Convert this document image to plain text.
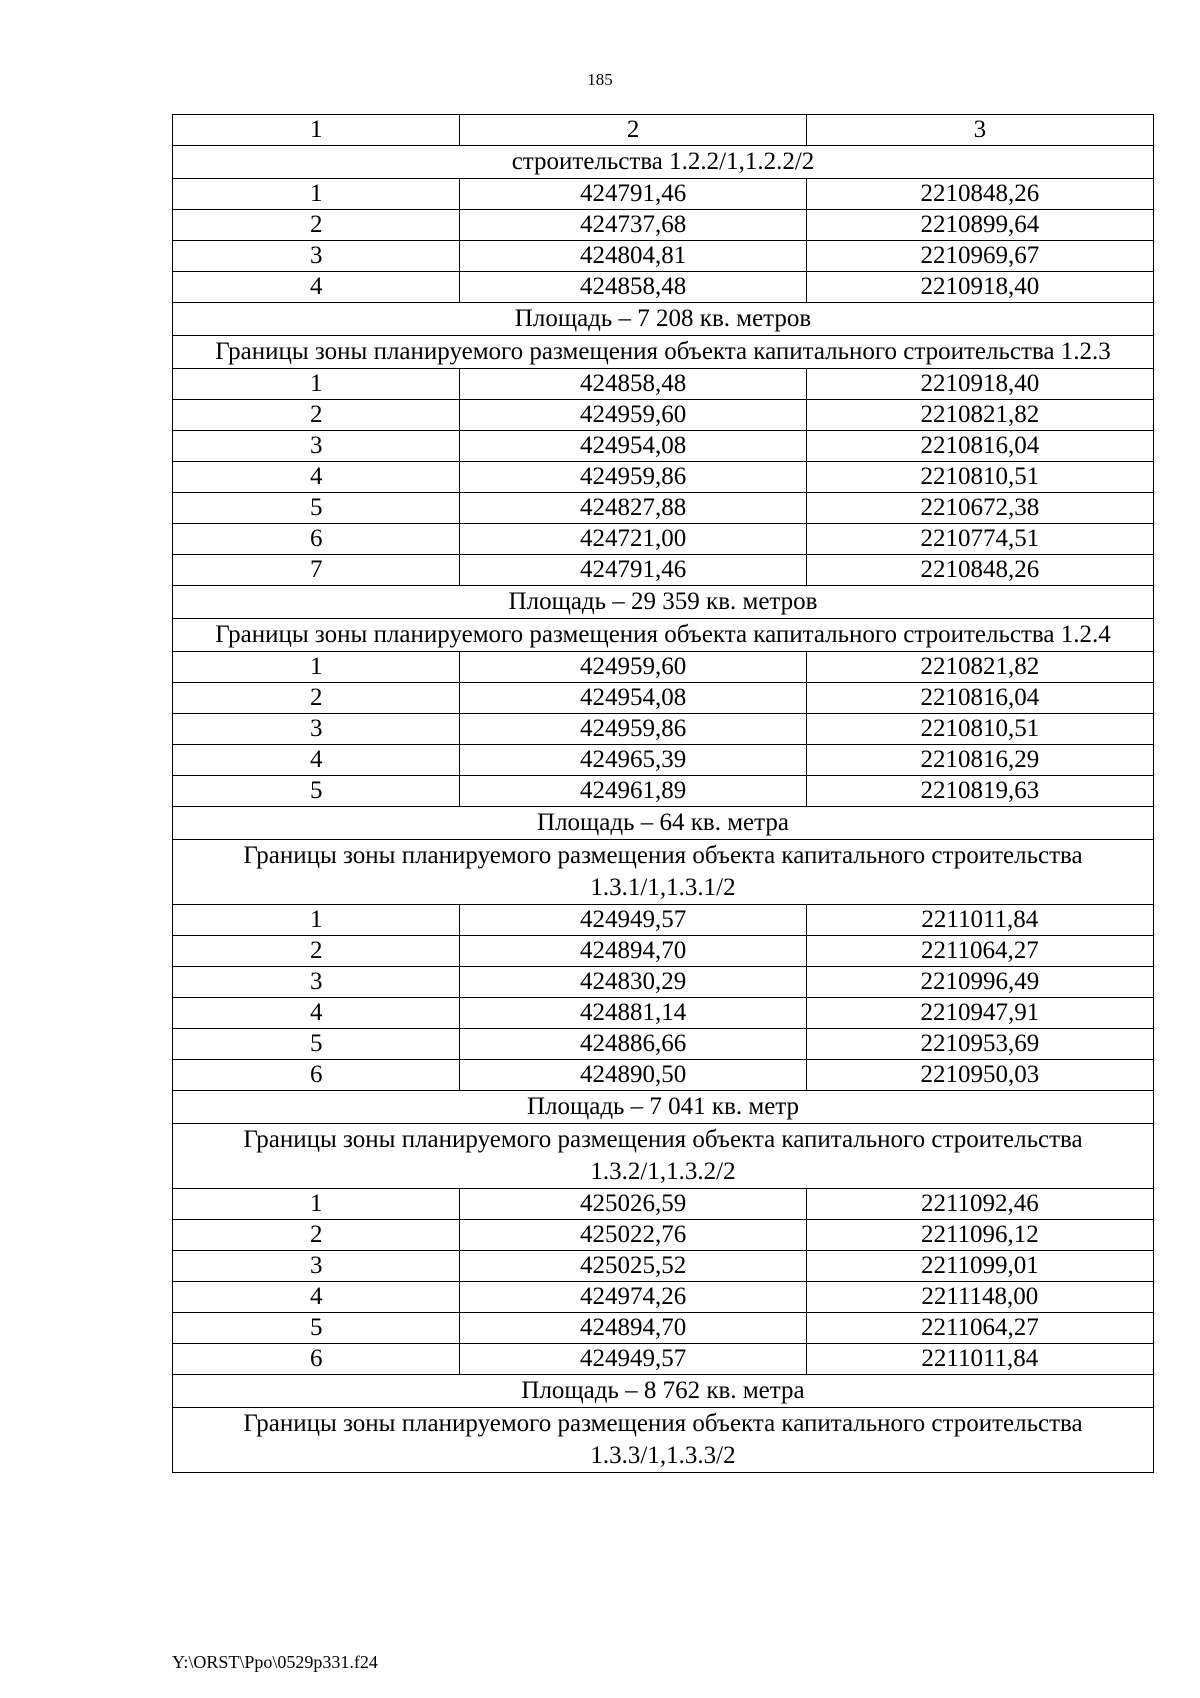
185
1	2	3
строительства 1.2.2/1,1.2.2/2		
1	424791,46	2210848,26
2	424737,68	2210899,64
3	424804,81	2210969,67
4	424858,48	2210918,40
Площадь – 7 208 кв. метров		
Границы зоны планируемого размещения объекта капитального строительства 1.2.3		
1	424858,48	2210918,40
2	424959,60	2210821,82
3	424954,08	2210816,04
4	424959,86	2210810,51
5	424827,88	2210672,38
6	424721,00	2210774,51
7	424791,46	2210848,26
Площадь – 29 359 кв. метров		
Границы зоны планируемого размещения объекта капитального строительства 1.2.4		
1	424959,60	2210821,82
2	424954,08	2210816,04
3	424959,86	2210810,51
4	424965,39	2210816,29
5	424961,89	2210819,63
Площадь – 64 кв. метра		
Границы зоны планируемого размещения объекта капитального строительства 1.3.1/1,1.3.1/2		
1	424949,57	2211011,84
2	424894,70	2211064,27
3	424830,29	2210996,49
4	424881,14	2210947,91
5	424886,66	2210953,69
6	424890,50	2210950,03
Площадь – 7 041 кв. метр		
Границы зоны планируемого размещения объекта капитального строительства 1.3.2/1,1.3.2/2		
1	425026,59	2211092,46
2	425022,76	2211096,12
3	425025,52	2211099,01
4	424974,26	2211148,00
5	424894,70	2211064,27
6	424949,57	2211011,84
Площадь – 8 762 кв. метра		
Границы зоны планируемого размещения объекта капитального строительства 1.3.3/1,1.3.3/2		
Y:\ORST\Ppo\0529p331.f24
